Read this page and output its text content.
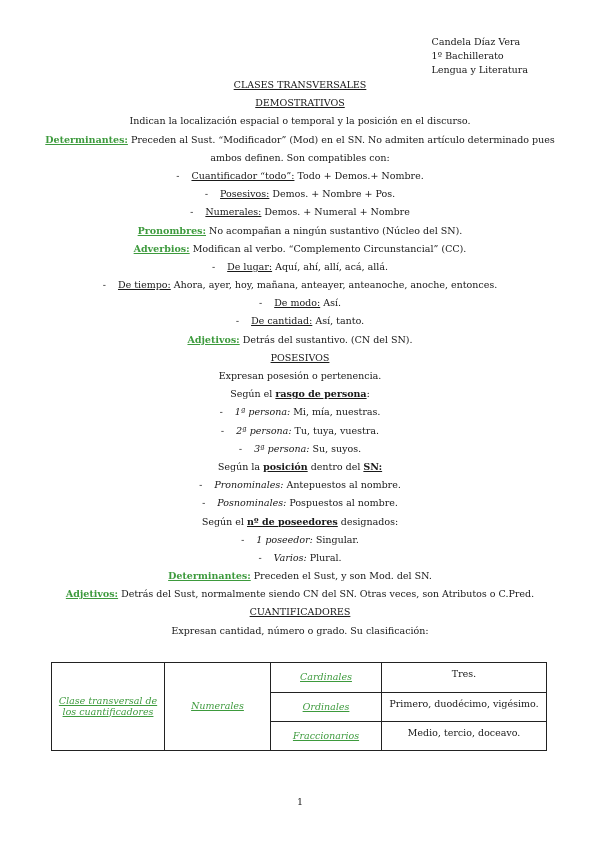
Candela Díaz Vera
1º Bachillerato
Lengua y Literatura
CLASES TRANSVERSALES
DEMOSTRATIVOS
Indican la localización espacial o temporal y la posición en el discurso.
Determinantes: Preceden al Sust. “Modificador” (Mod) en el SN. No admiten artículo determinado pues
ambos definen. Son compatibles con:
- Cuantificador “todo”: Todo + Demos.+ Nombre.
- Posesivos: Demos. + Nombre + Pos.
- Numerales: Demos. + Numeral + Nombre
Pronombres: No acompañan a ningún sustantivo (Núcleo del SN).
Adverbios: Modifican al verbo. “Complemento Circunstancial” (CC).
- De lugar: Aquí, ahí, allí, acá, allá.
- De tiempo: Ahora, ayer, hoy, mañana, anteayer, anteanoche, anoche, entonces.
- De modo: Así.
- De cantidad: Así, tanto.
Adjetivos: Detrás del sustantivo. (CN del SN).
POSESIVOS
Expresan posesión o pertenencia.
Según el rasgo de persona:
- 1ª persona: Mi, mía, nuestras.
- 2ª persona: Tu, tuya, vuestra.
- 3ª persona: Su, suyos.
Según la posición dentro del SN:
- Pronominales: Antepuestos al nombre.
- Posnominales: Pospuestos al nombre.
Según el nº de poseedores designados:
- 1 poseedor: Singular.
- Varios: Plural.
Determinantes: Preceden el Sust, y son Mod. del SN.
Adjetivos: Detrás del Sust, normalmente siendo CN del SN. Otras veces, son Atributos o C.Pred.
CUANTIFICADORES
Expresan cantidad, número o grado. Su clasificación:
Clase transversal de los cuantificadores	Numerales	Cardinales	Tres.
		Ordinales	Primero, duodécimo, vigésimo.
		Fraccionarios	Medio, tercio, doceavo.
1
